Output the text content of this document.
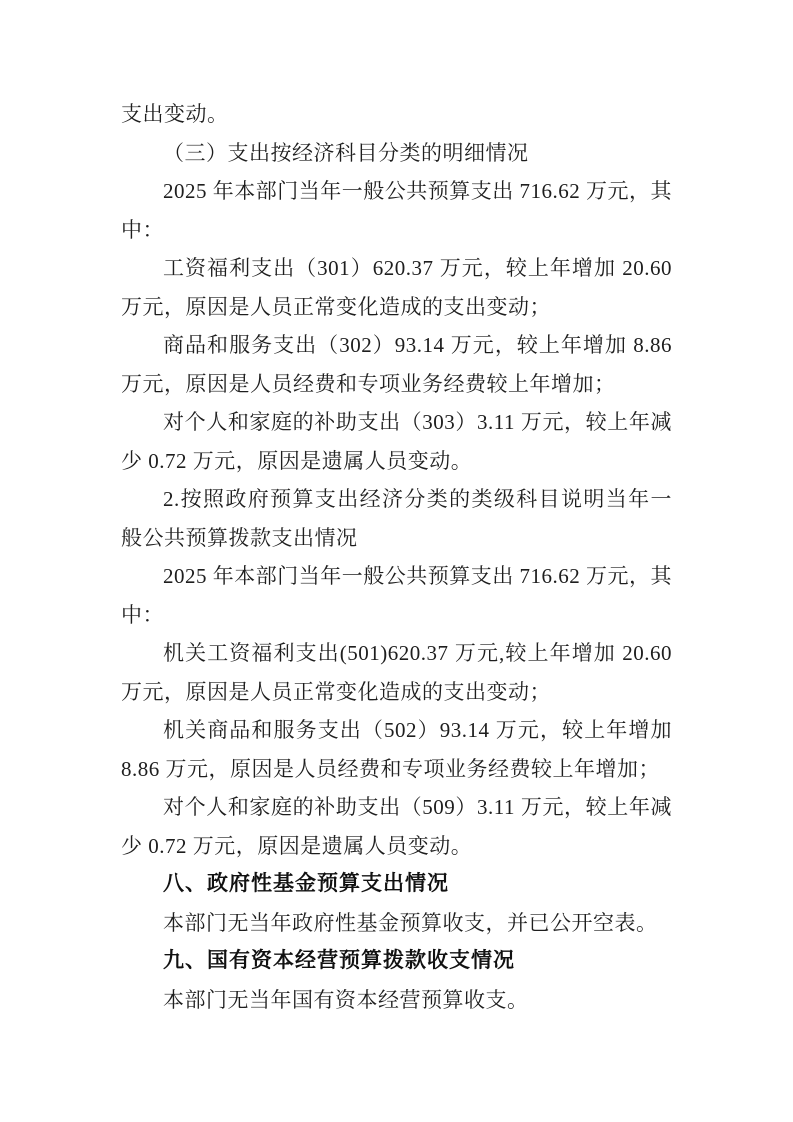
支出变动。

（三）支出按经济科目分类的明细情况

2025 年本部门当年一般公共预算支出 716.62 万元，其中：

工资福利支出（301）620.37 万元，较上年增加 20.60 万元，原因是人员正常变化造成的支出变动；

商品和服务支出（302）93.14 万元，较上年增加 8.86 万元，原因是人员经费和专项业务经费较上年增加；

对个人和家庭的补助支出（303）3.11 万元，较上年减少 0.72 万元，原因是遗属人员变动。

2.按照政府预算支出经济分类的类级科目说明当年一般公共预算拨款支出情况

2025 年本部门当年一般公共预算支出 716.62 万元，其中：

机关工资福利支出(501)620.37 万元,较上年增加 20.60 万元，原因是人员正常变化造成的支出变动；

机关商品和服务支出（502）93.14 万元，较上年增加 8.86 万元，原因是人员经费和专项业务经费较上年增加；

对个人和家庭的补助支出（509）3.11 万元，较上年减少 0.72 万元，原因是遗属人员变动。

八、政府性基金预算支出情况

本部门无当年政府性基金预算收支，并已公开空表。

九、国有资本经营预算拨款收支情况

本部门无当年国有资本经营预算收支。
